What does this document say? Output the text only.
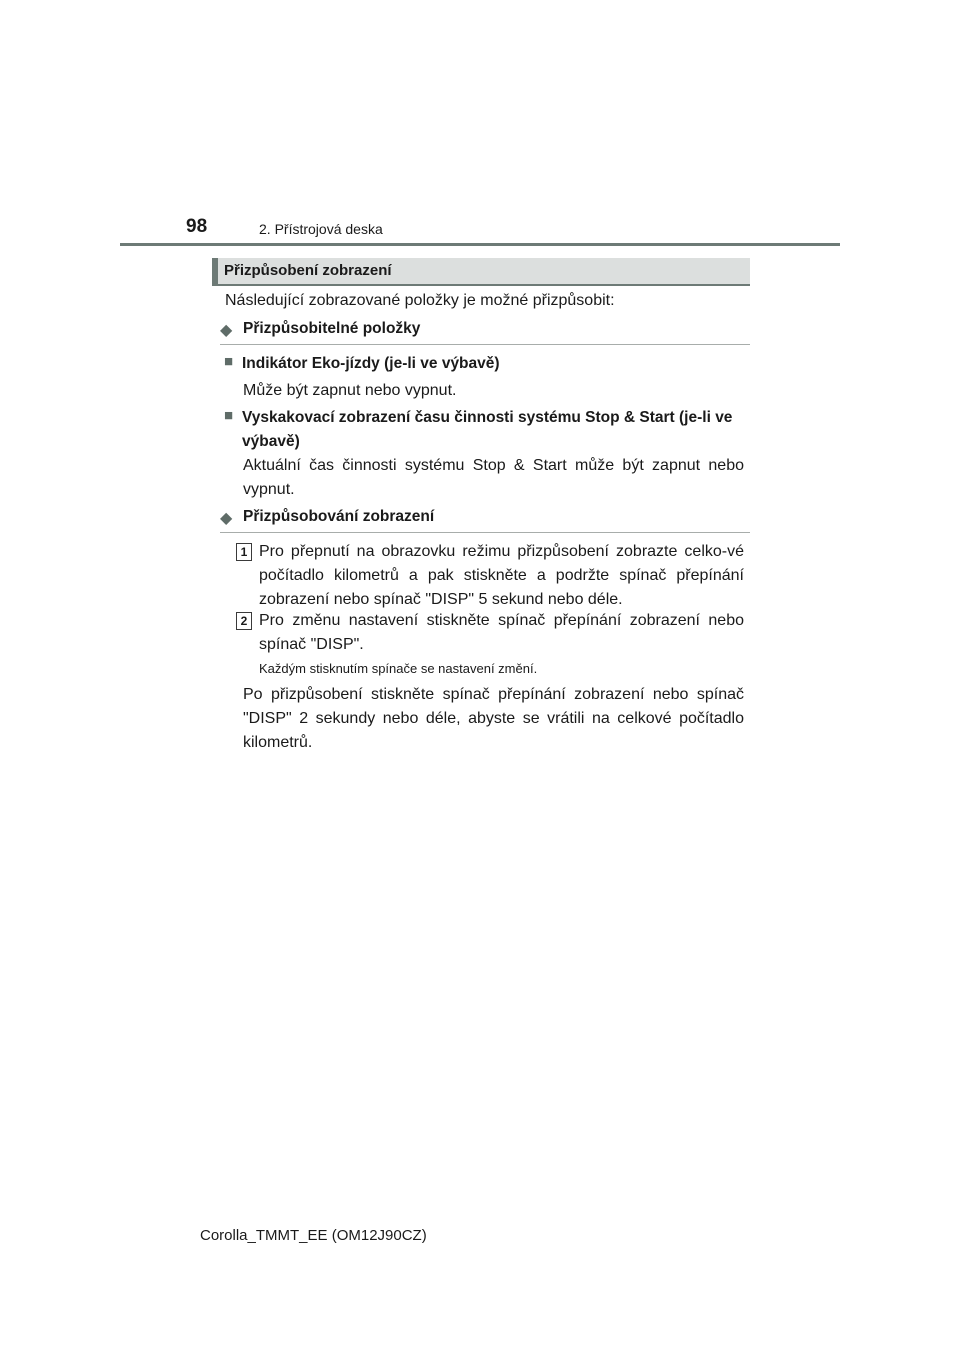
98	2. Přístrojová deska
Přizpůsobení zobrazení
Následující zobrazované položky je možné přizpůsobit:
◆ Přizpůsobitelné položky
■ Indikátor Eko-jízdy (je-li ve výbavě)
Může být zapnut nebo vypnut.
■ Vyskakovací zobrazení času činnosti systému Stop & Start (je-li ve výbavě)
Aktuální čas činnosti systému Stop & Start může být zapnut nebo vypnut.
◆ Přizpůsobování zobrazení
1 Pro přepnutí na obrazovku režimu přizpůsobení zobrazte celko-vé počítadlo kilometrů a pak stiskněte a podržte spínač přepínání zobrazení nebo spínač "DISP" 5 sekund nebo déle.
2 Pro změnu nastavení stiskněte spínač přepínání zobrazení nebo spínač "DISP".
Každým stisknutím spínače se nastavení změní.
Po přizpůsobení stiskněte spínač přepínání zobrazení nebo spínač "DISP" 2 sekundy nebo déle, abyste se vrátili na celkové počítadlo kilometrů.
Corolla_TMMT_EE (OM12J90CZ)
